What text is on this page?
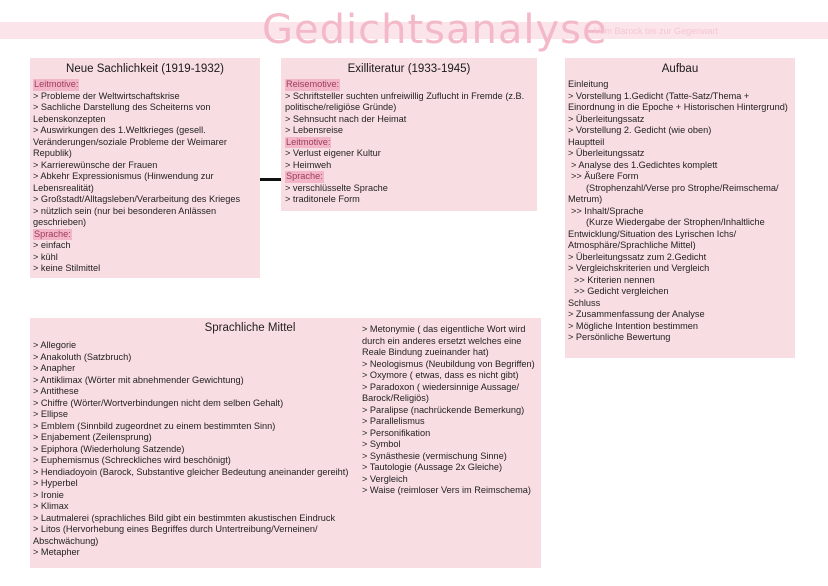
Gedichtsanalyse
Vom Barock bis zur Gegenwart
Neue Sachlichkeit (1919-1932)
Leitmotive:
> Probleme der Weltwirtschaftskrise
> Sachliche Darstellung des Scheiterns von Lebenskonzepten
> Auswirkungen des 1.Weltkrieges (gesell. Veränderungen/soziale Probleme der Weimarer Republik)
> Karrierewünsche der Frauen
> Abkehr Expressionismus (Hinwendung zur Lebensrealität)
> Großstadt/Alltagsleben/Verarbeitung des Krieges
> nützlich sein (nur bei besonderen Anlässen geschrieben)
Sprache:
> einfach
> kühl
> keine Stilmittel
Exilliteratur (1933-1945)
Reisemotive:
> Schriftsteller suchten unfreiwillig Zuflucht in Fremde (z.B. politische/religiöse Gründe)
> Sehnsucht nach der Heimat
> Lebensreise
Leitmotive:
> Verlust eigener Kultur
> Heimweh
Sprache:
> verschlüsselte Sprache
> traditonele Form
Aufbau
Einleitung
> Vorstellung 1.Gedicht (Tatte-Satz/Thema + Einordnung in die Epoche + Historischen Hintergrund)
> Überleitungssatz
> Vorstellung 2. Gedicht (wie oben)
Hauptteil
> Überleitungssatz
> Analyse des 1.Gedichtes komplett
>> Äußere Form
(Strophenzahl/Verse pro Strophe/Reimschema/ Metrum)
>> Inhalt/Sprache
(Kurze Wiedergabe der Strophen/Inhaltliche Entwicklung/Situation des Lyrischen Ichs/ Atmosphäre/Sprachliche Mittel)
> Überleitungssatz zum 2.Gedicht
> Vergleichskriterien und Vergleich
>> Kriterien nennen
>> Gedicht vergleichen
Schluss
> Zusammenfassung der Analyse
> Mögliche Intention bestimmen
> Persönliche Bewertung
Sprachliche Mittel
> Allegorie
> Anakoluth (Satzbruch)
> Anapher
> Antiklimax (Wörter mit abnehmender Gewichtung)
> Antithese
> Chiffre (Wörter/Wortverbindungen nicht dem selben Gehalt)
> Ellipse
> Emblem (Sinnbild zugeordnet zu einem bestimmten Sinn)
> Enjabement (Zeilensprung)
> Epiphora (Wiederholung Satzende)
> Euphemismus (Schreckliches wird beschönigt)
> Hendiadoyoin (Barock, Substantive gleicher Bedeutung aneinander gereiht)
> Hyperbel
> Ironie
> Klimax
> Lautmalerei (sprachliches Bild gibt ein bestimmten akustischen Eindruck
> Litos (Hervorhebung eines Begriffes durch Untertreibung/Verneinen/ Abschwächung)
> Metapher
> Metonymie ( das eigentliche Wort wird durch ein anderes ersetzt welches eine Reale Bindung zueinander hat)
> Neologismus (Neubildung von Begriffen)
> Oxymore ( etwas, dass es nicht gibt)
> Paradoxon ( wiedersinnige Aussage/ Barock/Religiös)
> Paralipse (nachrückende Bemerkung)
> Parallelismus
> Personifikation
> Symbol
> Synästhesie (vermischung Sinne)
> Tautologie (Aussage 2x Gleiche)
> Vergleich
> Waise (reimloser Vers im Reimschema)
